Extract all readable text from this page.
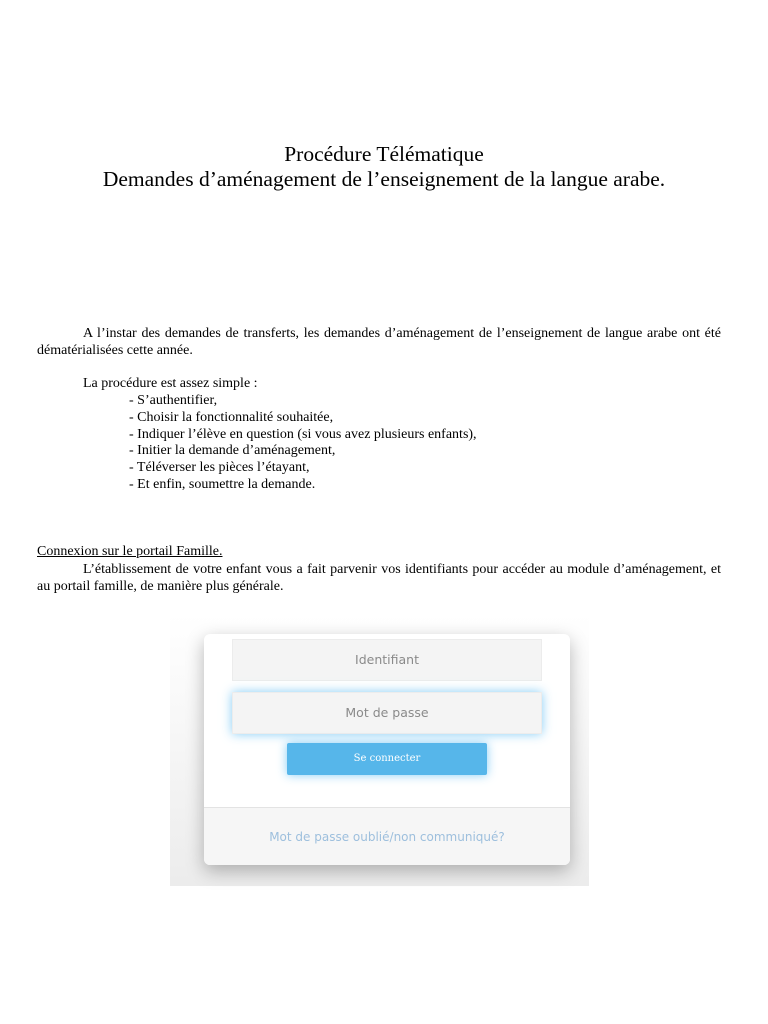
Procédure Télématique
Demandes d’aménagement de l’enseignement de la langue arabe.

A l’instar des demandes de transferts, les demandes d’aménagement de l’enseignement de langue arabe ont été dématérialisées cette année.

La procédure est assez simple :
- S’authentifier,
- Choisir la fonctionnalité souhaitée,
- Indiquer l’élève en question (si vous avez plusieurs enfants),
- Initier la demande d’aménagement,
- Téléverser les pièces l’étayant,
- Et enfin, soumettre la demande.
Connexion sur le portail Famille.

L’établissement de votre enfant vous a fait parvenir vos identifiants pour accéder au module d’aménagement, et au portail famille, de manière plus générale.

Identifiant
Mot de passe
Se connecter
Mot de passe oublié/non communiqué?
